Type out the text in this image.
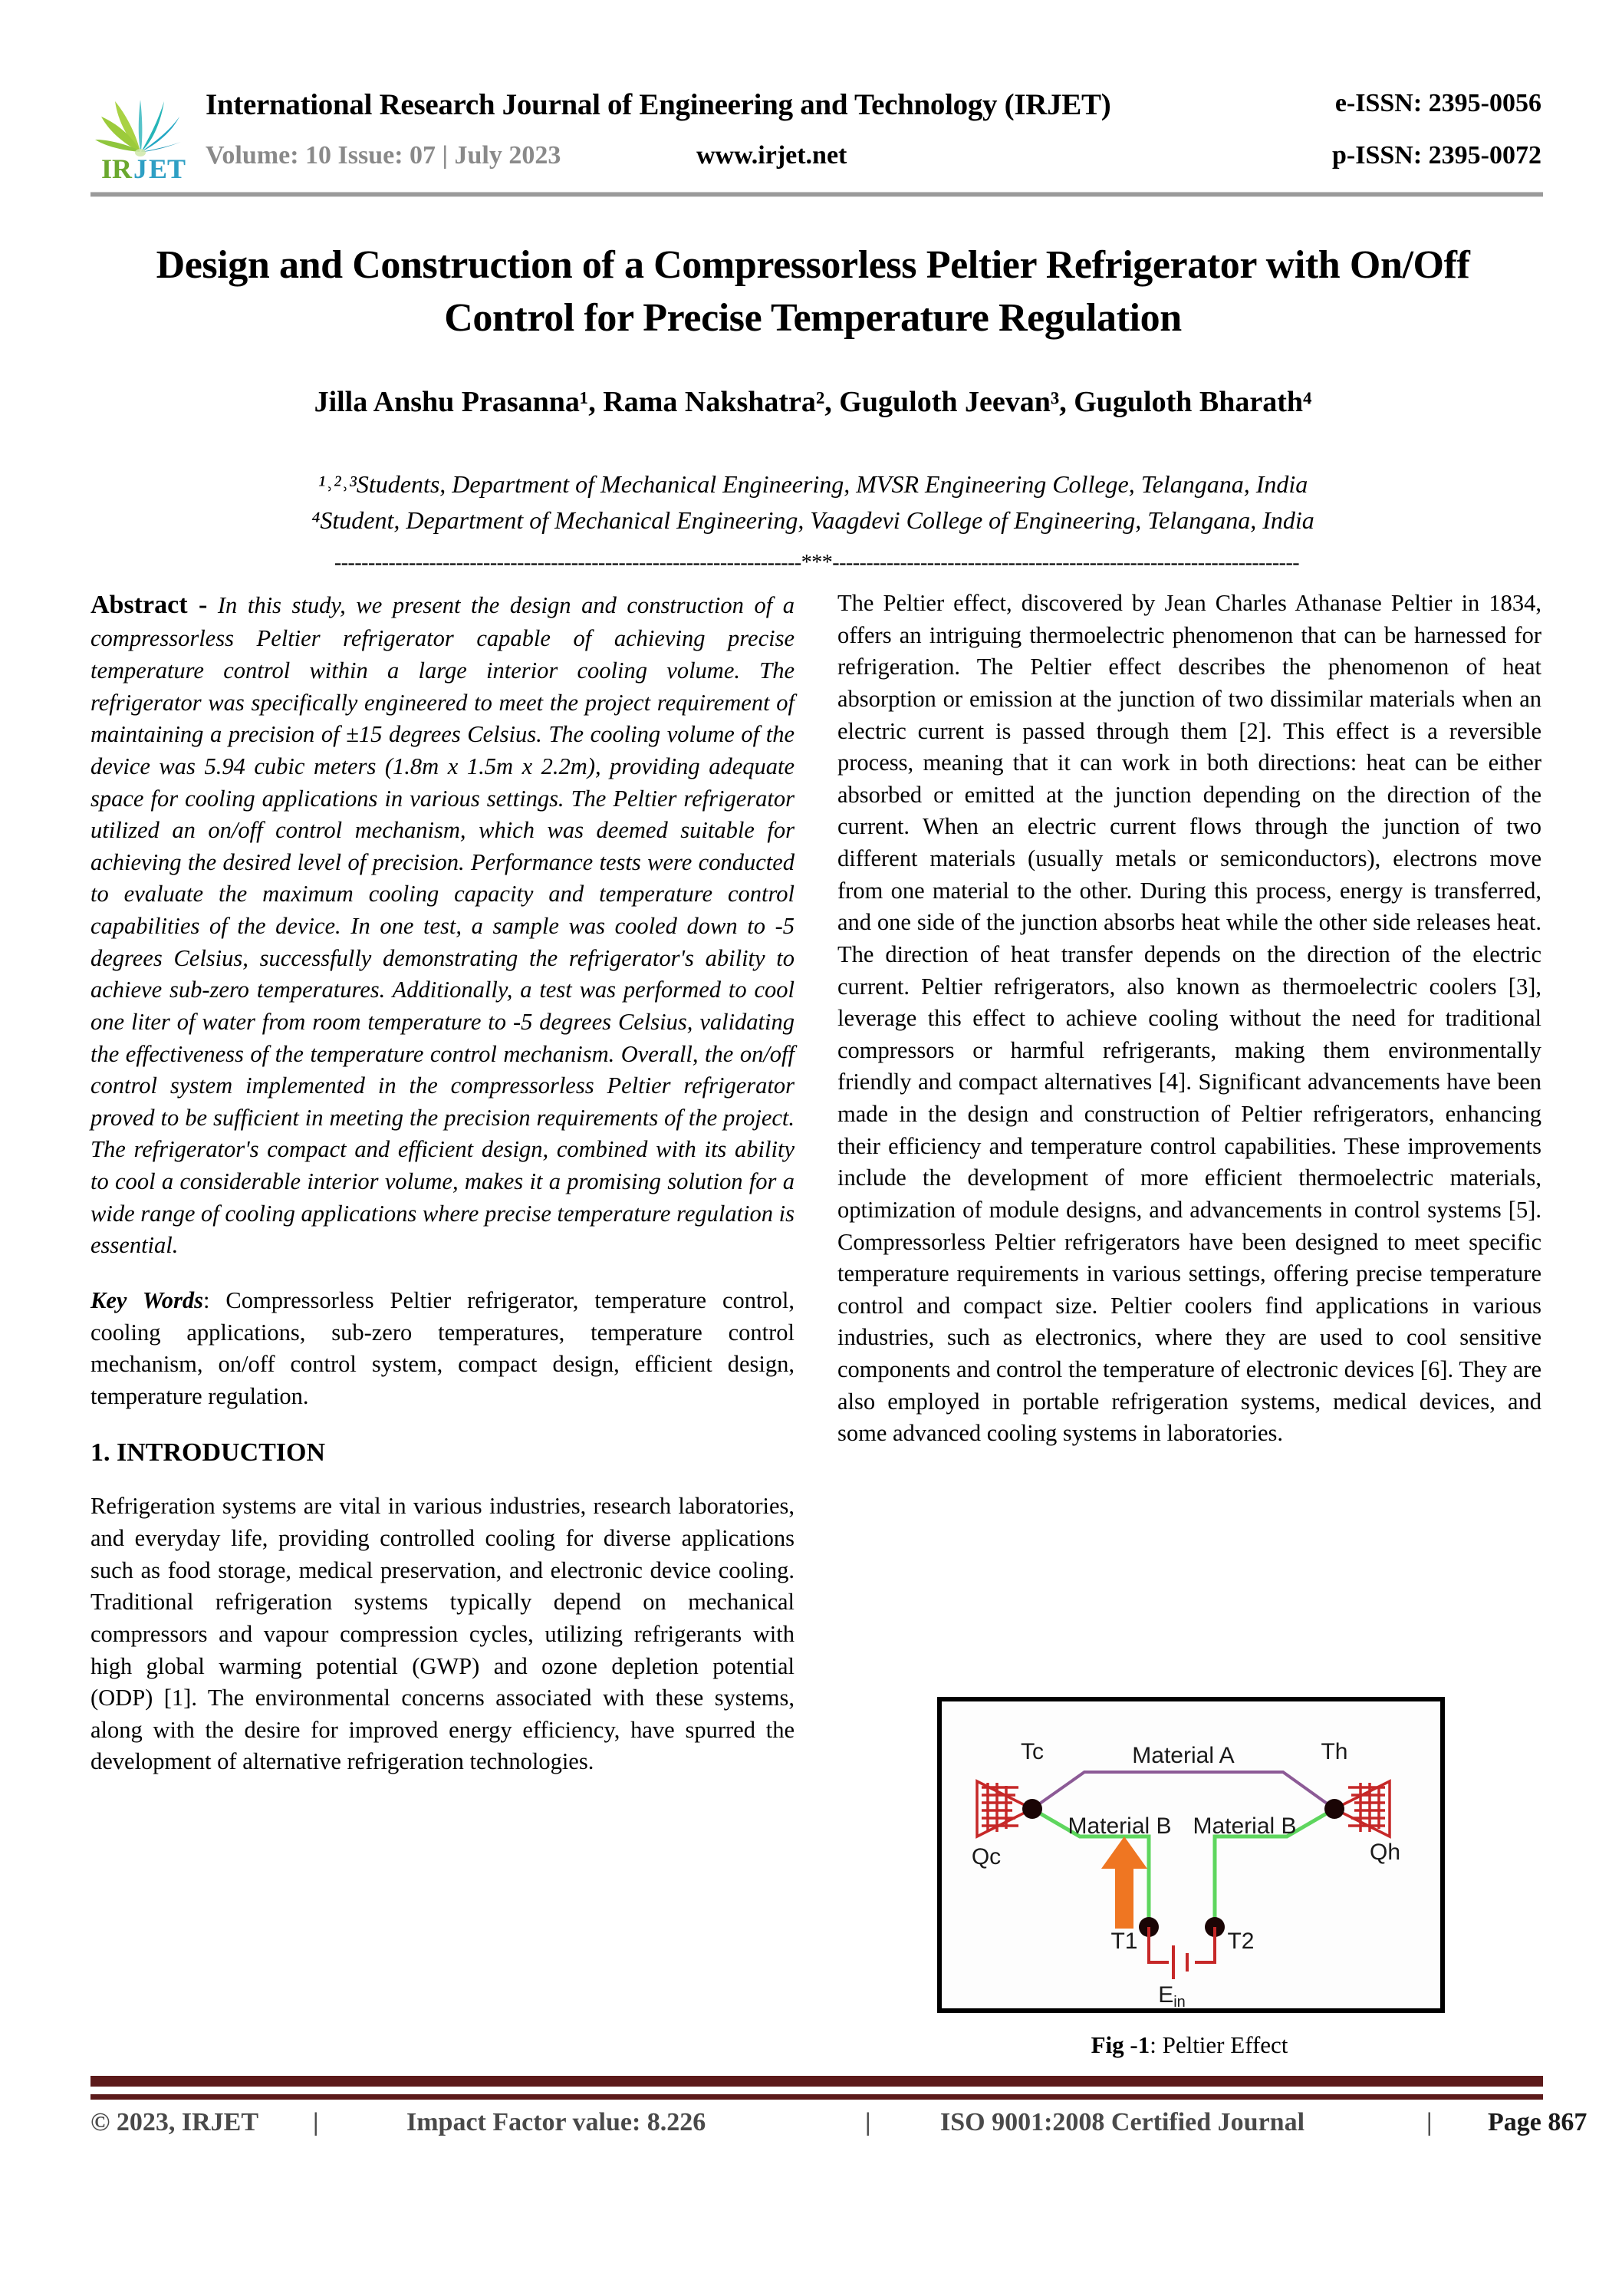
I R J E T
International Research Journal of Engineering and Technology (IRJET)	e-ISSN: 2395-0056
Volume: 10 Issue: 07 | July 2023	www.irjet.net	p-ISSN: 2395-0072
Design and Construction of a Compressorless Peltier Refrigerator with On/Off Control for Precise Temperature Regulation
Jilla Anshu Prasanna¹, Rama Nakshatra², Guguloth Jeevan³, Guguloth Bharath⁴
¹˒²˒³Students, Department of Mechanical Engineering, MVSR Engineering College, Telangana, India
⁴Student, Department of Mechanical Engineering, Vaagdevi College of Engineering, Telangana, India
---------------------------------------------------------------------***---------------------------------------------------------------------

Abstract - In this study, we present the design and construction of a compressorless Peltier refrigerator capable of achieving precise temperature control within a large interior cooling volume. The refrigerator was specifically engineered to meet the project requirement of maintaining a precision of ±15 degrees Celsius. The cooling volume of the device was 5.94 cubic meters (1.8m x 1.5m x 2.2m), providing adequate space for cooling applications in various settings. The Peltier refrigerator utilized an on/off control mechanism, which was deemed suitable for achieving the desired level of precision. Performance tests were conducted to evaluate the maximum cooling capacity and temperature control capabilities of the device. In one test, a sample was cooled down to -5 degrees Celsius, successfully demonstrating the refrigerator's ability to achieve sub-zero temperatures. Additionally, a test was performed to cool one liter of water from room temperature to -5 degrees Celsius, validating the effectiveness of the temperature control mechanism. Overall, the on/off control system implemented in the compressorless Peltier refrigerator proved to be sufficient in meeting the precision requirements of the project. The refrigerator's compact and efficient design, combined with its ability to cool a considerable interior volume, makes it a promising solution for a wide range of cooling applications where precise temperature regulation is essential.

Key Words: Compressorless Peltier refrigerator, temperature control, cooling applications, sub-zero temperatures, temperature control mechanism, on/off control system, compact design, efficient design, temperature regulation.

1. INTRODUCTION

Refrigeration systems are vital in various industries, research laboratories, and everyday life, providing controlled cooling for diverse applications such as food storage, medical preservation, and electronic device cooling. Traditional refrigeration systems typically depend on mechanical compressors and vapour compression cycles, utilizing refrigerants with high global warming potential (GWP) and ozone depletion potential (ODP) [1]. The environmental concerns associated with these systems, along with the desire for improved energy efficiency, have spurred the development of alternative refrigeration technologies.

The Peltier effect, discovered by Jean Charles Athanase Peltier in 1834, offers an intriguing thermoelectric phenomenon that can be harnessed for refrigeration. The Peltier effect describes the phenomenon of heat absorption or emission at the junction of two dissimilar materials when an electric current is passed through them [2]. This effect is a reversible process, meaning that it can work in both directions: heat can be either absorbed or emitted at the junction depending on the direction of the current. When an electric current flows through the junction of two different materials (usually metals or semiconductors), electrons move from one material to the other. During this process, energy is transferred, and one side of the junction absorbs heat while the other side releases heat. The direction of heat transfer depends on the direction of the electric current. Peltier refrigerators, also known as thermoelectric coolers [3], leverage this effect to achieve cooling without the need for traditional compressors or harmful refrigerants, making them environmentally friendly and compact alternatives [4]. Significant advancements have been made in the design and construction of Peltier refrigerators, enhancing their efficiency and temperature control capabilities. These improvements include the development of more efficient thermoelectric materials, optimization of module designs, and advancements in control systems [5]. Compressorless Peltier refrigerators have been designed to meet specific temperature requirements in various settings, offering precise temperature control and compact size. Peltier coolers find applications in various industries, such as electronics, where they are used to cool sensitive components and control the temperature of electronic devices [6]. They are also employed in portable refrigeration systems, medical devices, and some advanced cooling systems in laboratories.

Tc	Th
Qc	Qh
Material A
Material B Material B
T1	T2
$E_{in}$
Fig -1: Peltier Effect
© 2023, IRJET |	Impact Factor value: 8.226	|	ISO 9001:2008 Certified Journal	| Page 867
